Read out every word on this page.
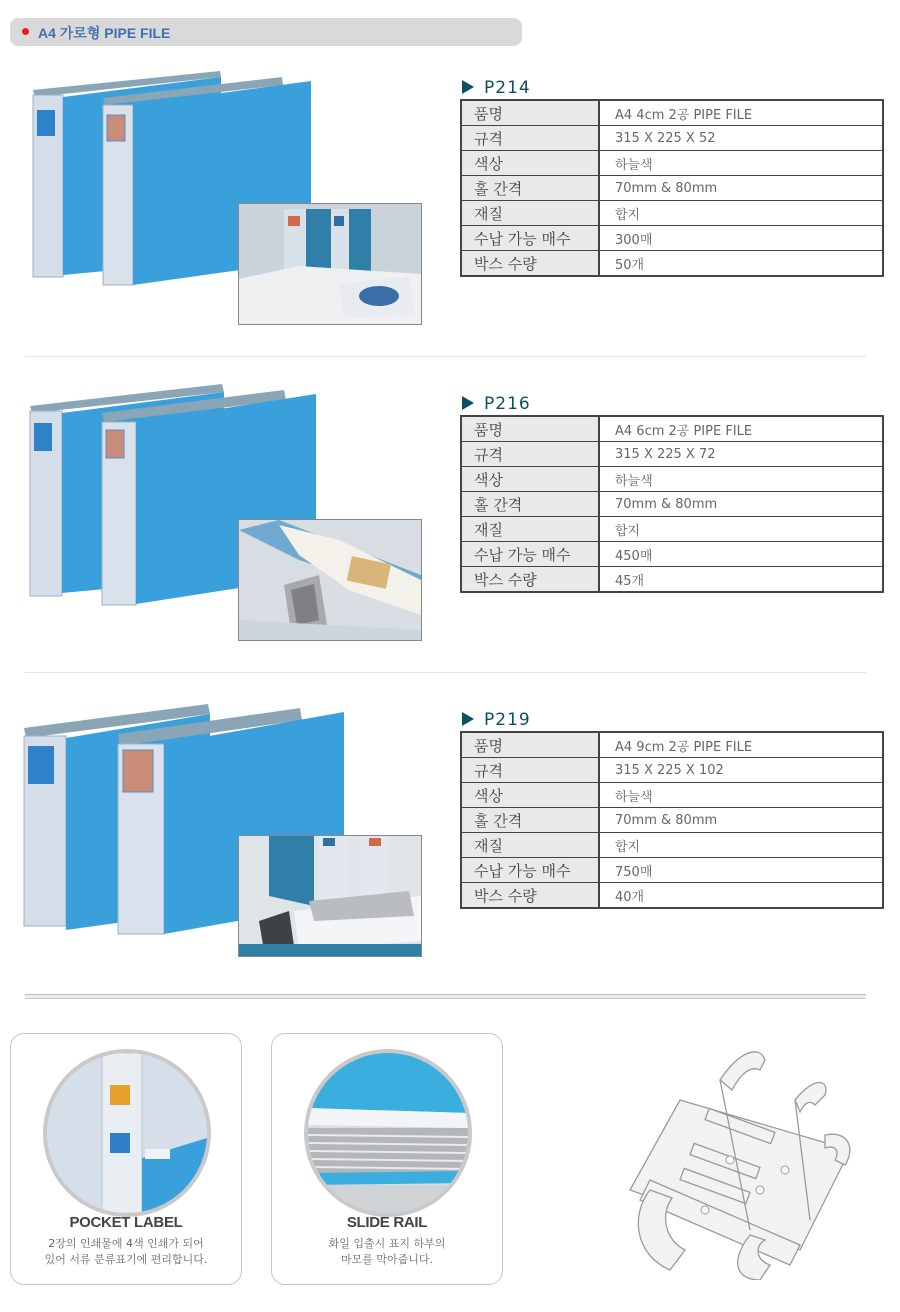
A4 가로형 PIPE FILE
P214
품명	A4 4cm 2공 PIPE FILE
규격	315 X 225 X 52
색상	하늘색
홀 간격	70mm & 80mm
재질	합지
수납 가능 매수	300매
박스 수량	50개
P216
품명	A4 6cm 2공 PIPE FILE
규격	315 X 225 X 72
색상	하늘색
홀 간격	70mm & 80mm
재질	합지
수납 가능 매수	450매
박스 수량	45개
P219
품명	A4 9cm 2공 PIPE FILE
규격	315 X 225 X 102
색상	하늘색
홀 간격	70mm & 80mm
재질	합지
수납 가능 매수	750매
박스 수량	40개
POCKET LABEL
2장의 인쇄물에 4색 인쇄가 되어
있어 서류 분류표기에 편리합니다.
SLIDE RAIL
화일 입출시 표지 하부의
마모를 막아줍니다.
